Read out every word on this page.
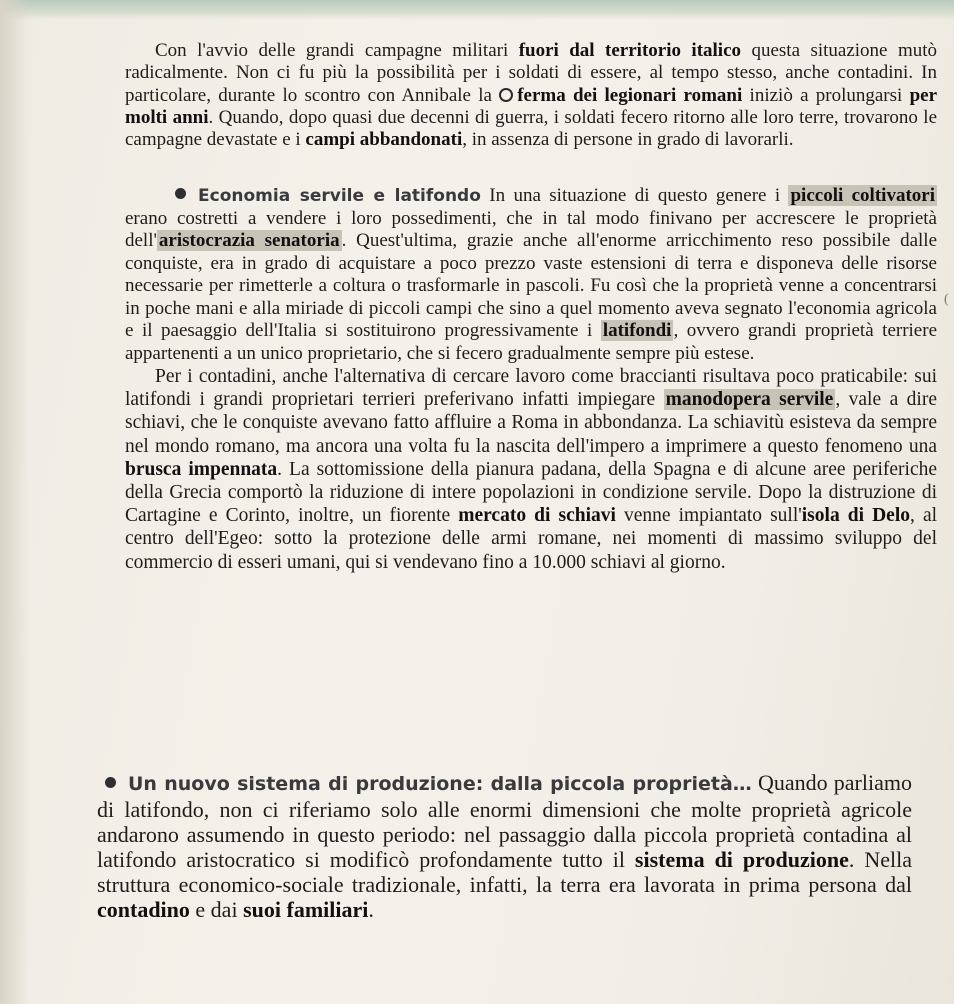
Con l'avvio delle grandi campagne militari fuori dal territorio italico questa situazione mutò radicalmente. Non ci fu più la possibilità per i soldati di essere, al tempo stesso, anche contadini. In particolare, durante lo scontro con Annibale la ferma dei legionari romani iniziò a prolungarsi per molti anni. Quando, dopo quasi due decenni di guerra, i soldati fecero ritorno alle loro terre, trovarono le campagne devastate e i campi abbandonati, in assenza di persone in grado di lavorarli.

Economia servile e latifondo In una situazione di questo genere i piccoli coltivatori erano costretti a vendere i loro possedimenti, che in tal modo finivano per accrescere le proprietà dell' aristocrazia senatoria . Quest'ultima, grazie anche all'enorme arricchimento reso possibile dalle conquiste, era in grado di acquistare a poco prezzo vaste estensioni di terra e disponeva delle risorse necessarie per rimetterle a coltura o trasformarle in pascoli. Fu così che la proprietà venne a concentrarsi in poche mani e alla miriade di piccoli campi che sino a quel momento aveva segnato l'economia agricola e il paesaggio dell'Italia si sostituirono progressivamente i latifondi , ovvero grandi proprietà terriere appartenenti a un unico proprietario, che si fecero gradualmente sempre più estese.

Per i contadini, anche l'alternativa di cercare lavoro come braccianti risultava poco praticabile: sui latifondi i grandi proprietari terrieri preferivano infatti impiegare manodopera servile , vale a dire schiavi, che le conquiste avevano fatto affluire a Roma in abbondanza. La schiavitù esisteva da sempre nel mondo romano, ma ancora una volta fu la nascita dell'impero a imprimere a questo fenomeno una brusca impennata. La sottomissione della pianura padana, della Spagna e di alcune aree periferiche della Grecia comportò la riduzione di intere popolazioni in condizione servile. Dopo la distruzione di Cartagine e Corinto, inoltre, un fiorente mercato di schiavi venne impiantato sull'isola di Delo, al centro dell'Egeo: sotto la protezione delle armi romane, nei momenti di massimo sviluppo del commercio di esseri umani, qui si vendevano fino a 10.000 schiavi al giorno.

Un nuovo sistema di produzione: dalla piccola proprietà… Quando parliamo di latifondo, non ci riferiamo solo alle enormi dimensioni che molte proprietà agricole andarono assumendo in questo periodo: nel passaggio dalla piccola proprietà contadina al latifondo aristocratico si modificò profondamente tutto il sistema di produzione. Nella struttura economico-sociale tradizionale, infatti, la terra era lavorata in prima persona dal contadino e dai suoi familiari.

(
